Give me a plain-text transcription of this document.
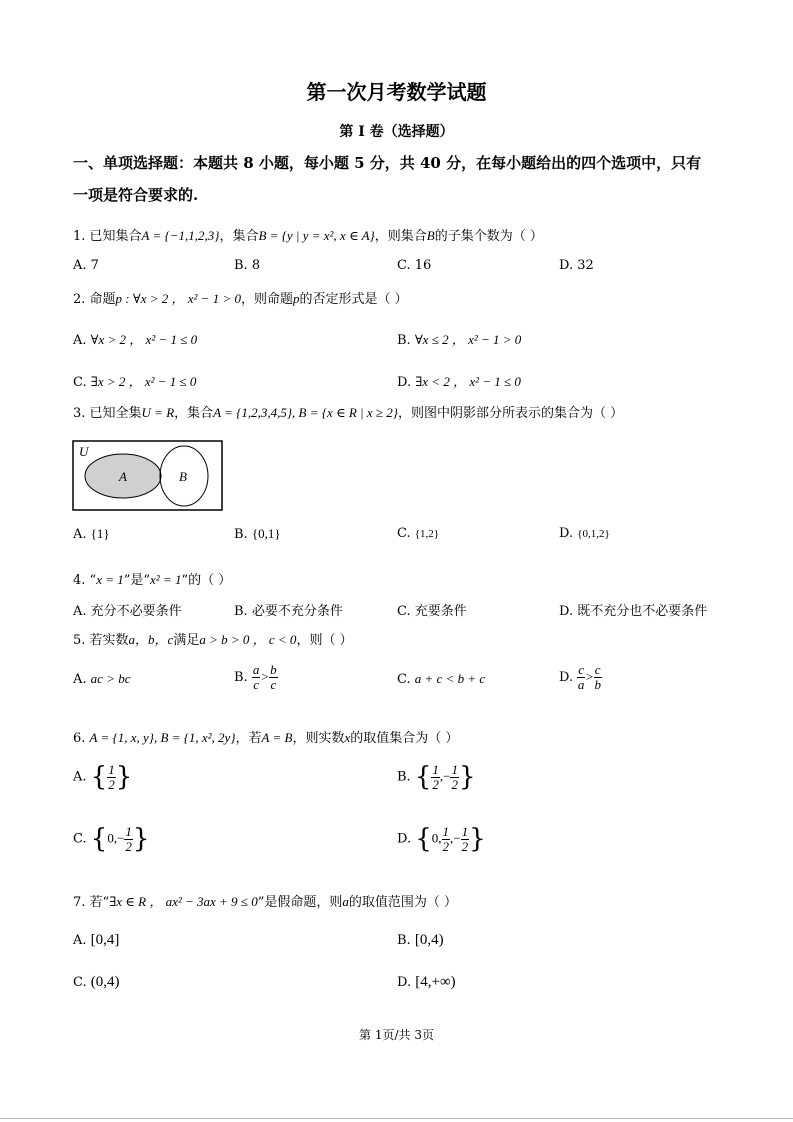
第一次月考数学试题
第 I 卷（选择题）
一、单项选择题：本题共 8 小题，每小题 5 分，共 40 分，在每小题给出的四个选项中，只有
一项是符合要求的.
1. 已知集合A = {−1,1,2,3}，集合B = {y | y = x², x ∈ A}，则集合B的子集个数为（ ）
A. 7	B. 8	C. 16	D. 32
2. 命题p : ∀x > 2 ， x² − 1 > 0，则命题p的否定形式是（ ）
A. ∀x > 2 ， x² − 1 ≤ 0	B. ∀x ≤ 2 ， x² − 1 > 0
C. ∃x > 2 ， x² − 1 ≤ 0	D. ∃x < 2 ， x² − 1 ≤ 0
3. 已知全集U = R，集合A = {1,2,3,4,5}, B = {x ∈ R | x ≥ 2}，则图中阴影部分所表示的集合为（ ）
U
A	B
A. {1}	B. {0,1}	C. {1,2}	D. {0,1,2}
4. “x = 1”是“x² = 1”的（ ）
A. 充分不必要条件	B. 必要不充分条件	C. 充要条件	D. 既不充分也不必要条件
5. 若实数a，b，c满足a > b > 0 ， c < 0，则（ ）
A. ac > bc	B. $\frac{a}{c} > \frac{b}{c}$	C. a + c < b + c	D. $\frac{c}{a} > \frac{c}{b}$
6. A = {1, x, y}, B = {1, x², 2y}，若A = B，则实数x的取值集合为（ ）
A. { $\frac{1}{2}$ }	B. { $\frac{1}{2}$ ,− $\frac{1}{2}$ }
C. {$0,- \frac{1}{2}$ }	D. {0, $\frac{1}{2}$ ,− $\frac{1}{2}$ }
7. 若“∃x ∈ R ， ax² − 3ax + 9 ≤ 0”是假命题，则a的取值范围为（ ）
A. [0,4]	B. [0,4)
C. (0,4)	D. [4,+∞)
第 1页/共 3页
